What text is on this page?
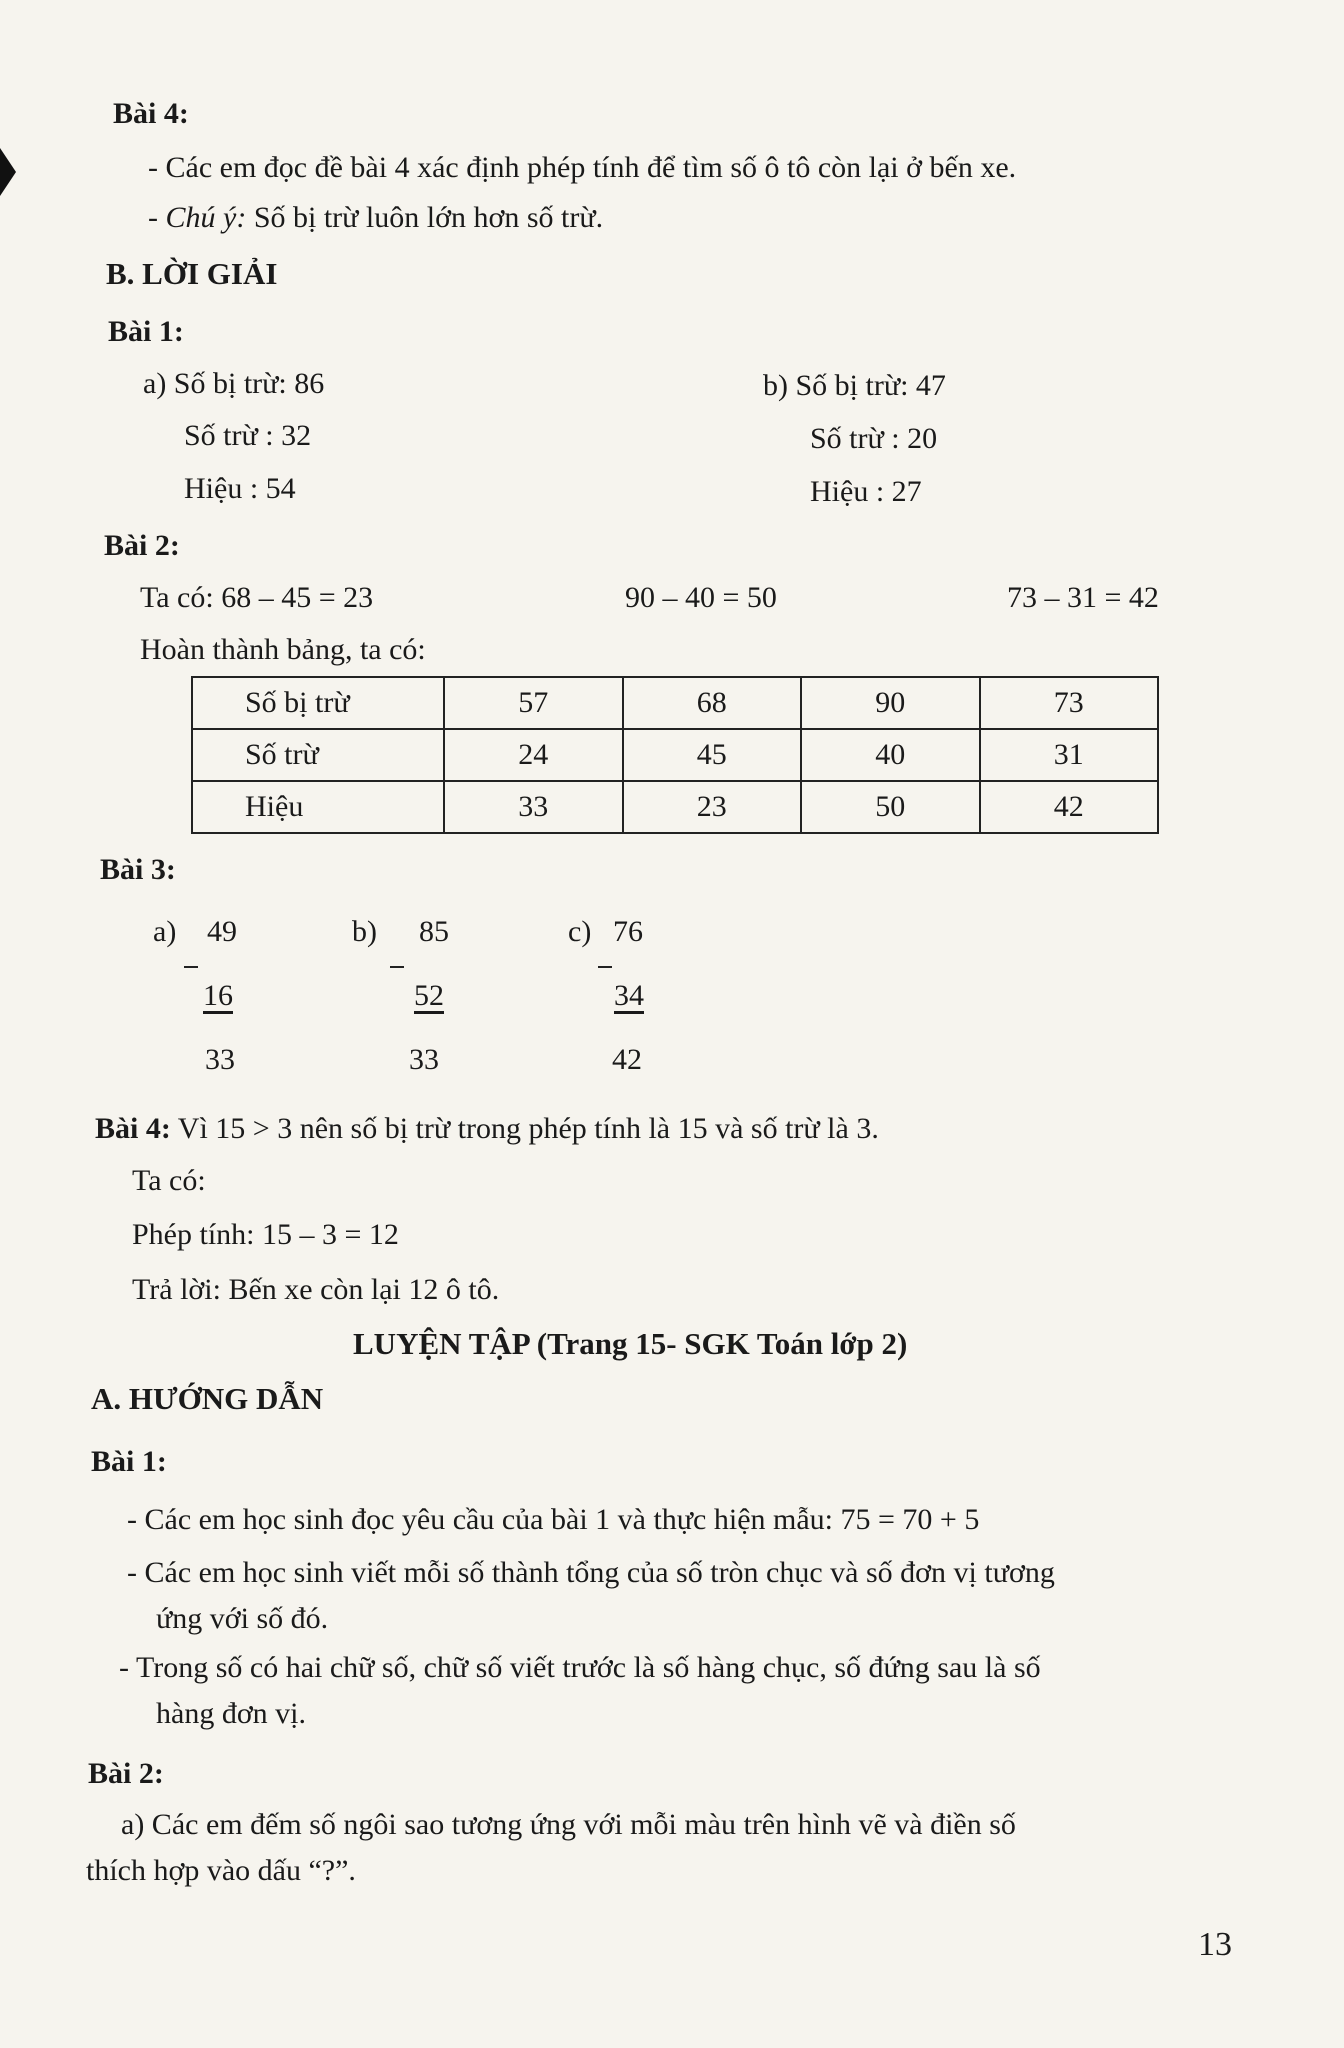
Bài 4:
- Các em đọc đề bài 4 xác định phép tính để tìm số ô tô còn lại ở bến xe.
- Chú ý: Số bị trừ luôn lớn hơn số trừ.
B. LỜI GIẢI
Bài 1:
a) Số bị trừ: 86
Số trừ : 32
Hiệu : 54
b) Số bị trừ: 47
Số trừ : 20
Hiệu : 27
Bài 2:
Ta có: 68 – 45 = 23	90 – 40 = 50	73 – 31 = 42
Hoàn thành bảng, ta có:
Số bị trừ	57	68	90	73
Số trừ	24	45	40	31
Hiệu	33	23	50	42
Bài 3:
a) 49
16
33
b) 85
52
33
c) 76
34
42
Bài 4: Vì 15 > 3 nên số bị trừ trong phép tính là 15 và số trừ là 3.
Ta có:
Phép tính: 15 – 3 = 12
Trả lời: Bến xe còn lại 12 ô tô.
LUYỆN TẬP (Trang 15- SGK Toán lớp 2)
A. HƯỚNG DẪN
Bài 1:
- Các em học sinh đọc yêu cầu của bài 1 và thực hiện mẫu: 75 = 70 + 5
- Các em học sinh viết mỗi số thành tổng của số tròn chục và số đơn vị tương
ứng với số đó.
- Trong số có hai chữ số, chữ số viết trước là số hàng chục, số đứng sau là số
hàng đơn vị.
Bài 2:
a) Các em đếm số ngôi sao tương ứng với mỗi màu trên hình vẽ và điền số
thích hợp vào dấu “?”.
13
